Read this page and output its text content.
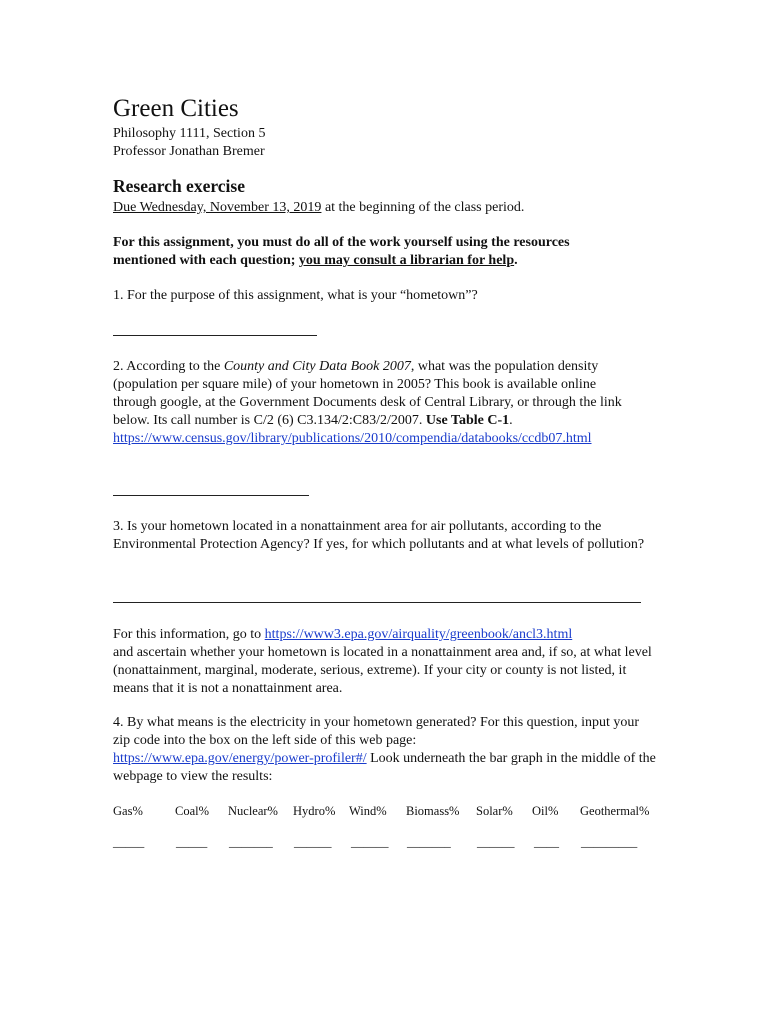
Green Cities
Philosophy 1111, Section 5
Professor Jonathan Bremer
Research exercise
Due Wednesday, November 13, 2019 at the beginning of the class period.
For this assignment, you must do all of the work yourself using the resources mentioned with each question; you may consult a librarian for help.
1. For the purpose of this assignment, what is your “hometown”?
2. According to the County and City Data Book 2007, what was the population density (population per square mile) of your hometown in 2005? This book is available online through google, at the Government Documents desk of Central Library, or through the link below. Its call number is C/2 (6) C3.134/2:C83/2/2007. Use Table C-1.
https://www.census.gov/library/publications/2010/compendia/databooks/ccdb07.html
3. Is your hometown located in a nonattainment area for air pollutants, according to the Environmental Protection Agency? If yes, for which pollutants and at what levels of pollution?
For this information, go to https://www3.epa.gov/airquality/greenbook/ancl3.html
and ascertain whether your hometown is located in a nonattainment area and, if so, at what level (nonattainment, marginal, moderate, serious, extreme). If your city or county is not listed, it means that it is not a nonattainment area.
4. By what means is the electricity in your hometown generated? For this question, input your zip code into the box on the left side of this web page:
https://www.epa.gov/energy/power-profiler#/ Look underneath the bar graph in the middle of the webpage to view the results:
Gas%	Coal% Nuclear% Hydro% Wind% Biomass% Solar% Oil% Geothermal%
_____	_____ _______ ______ ______ _______ ______ ____ _________
